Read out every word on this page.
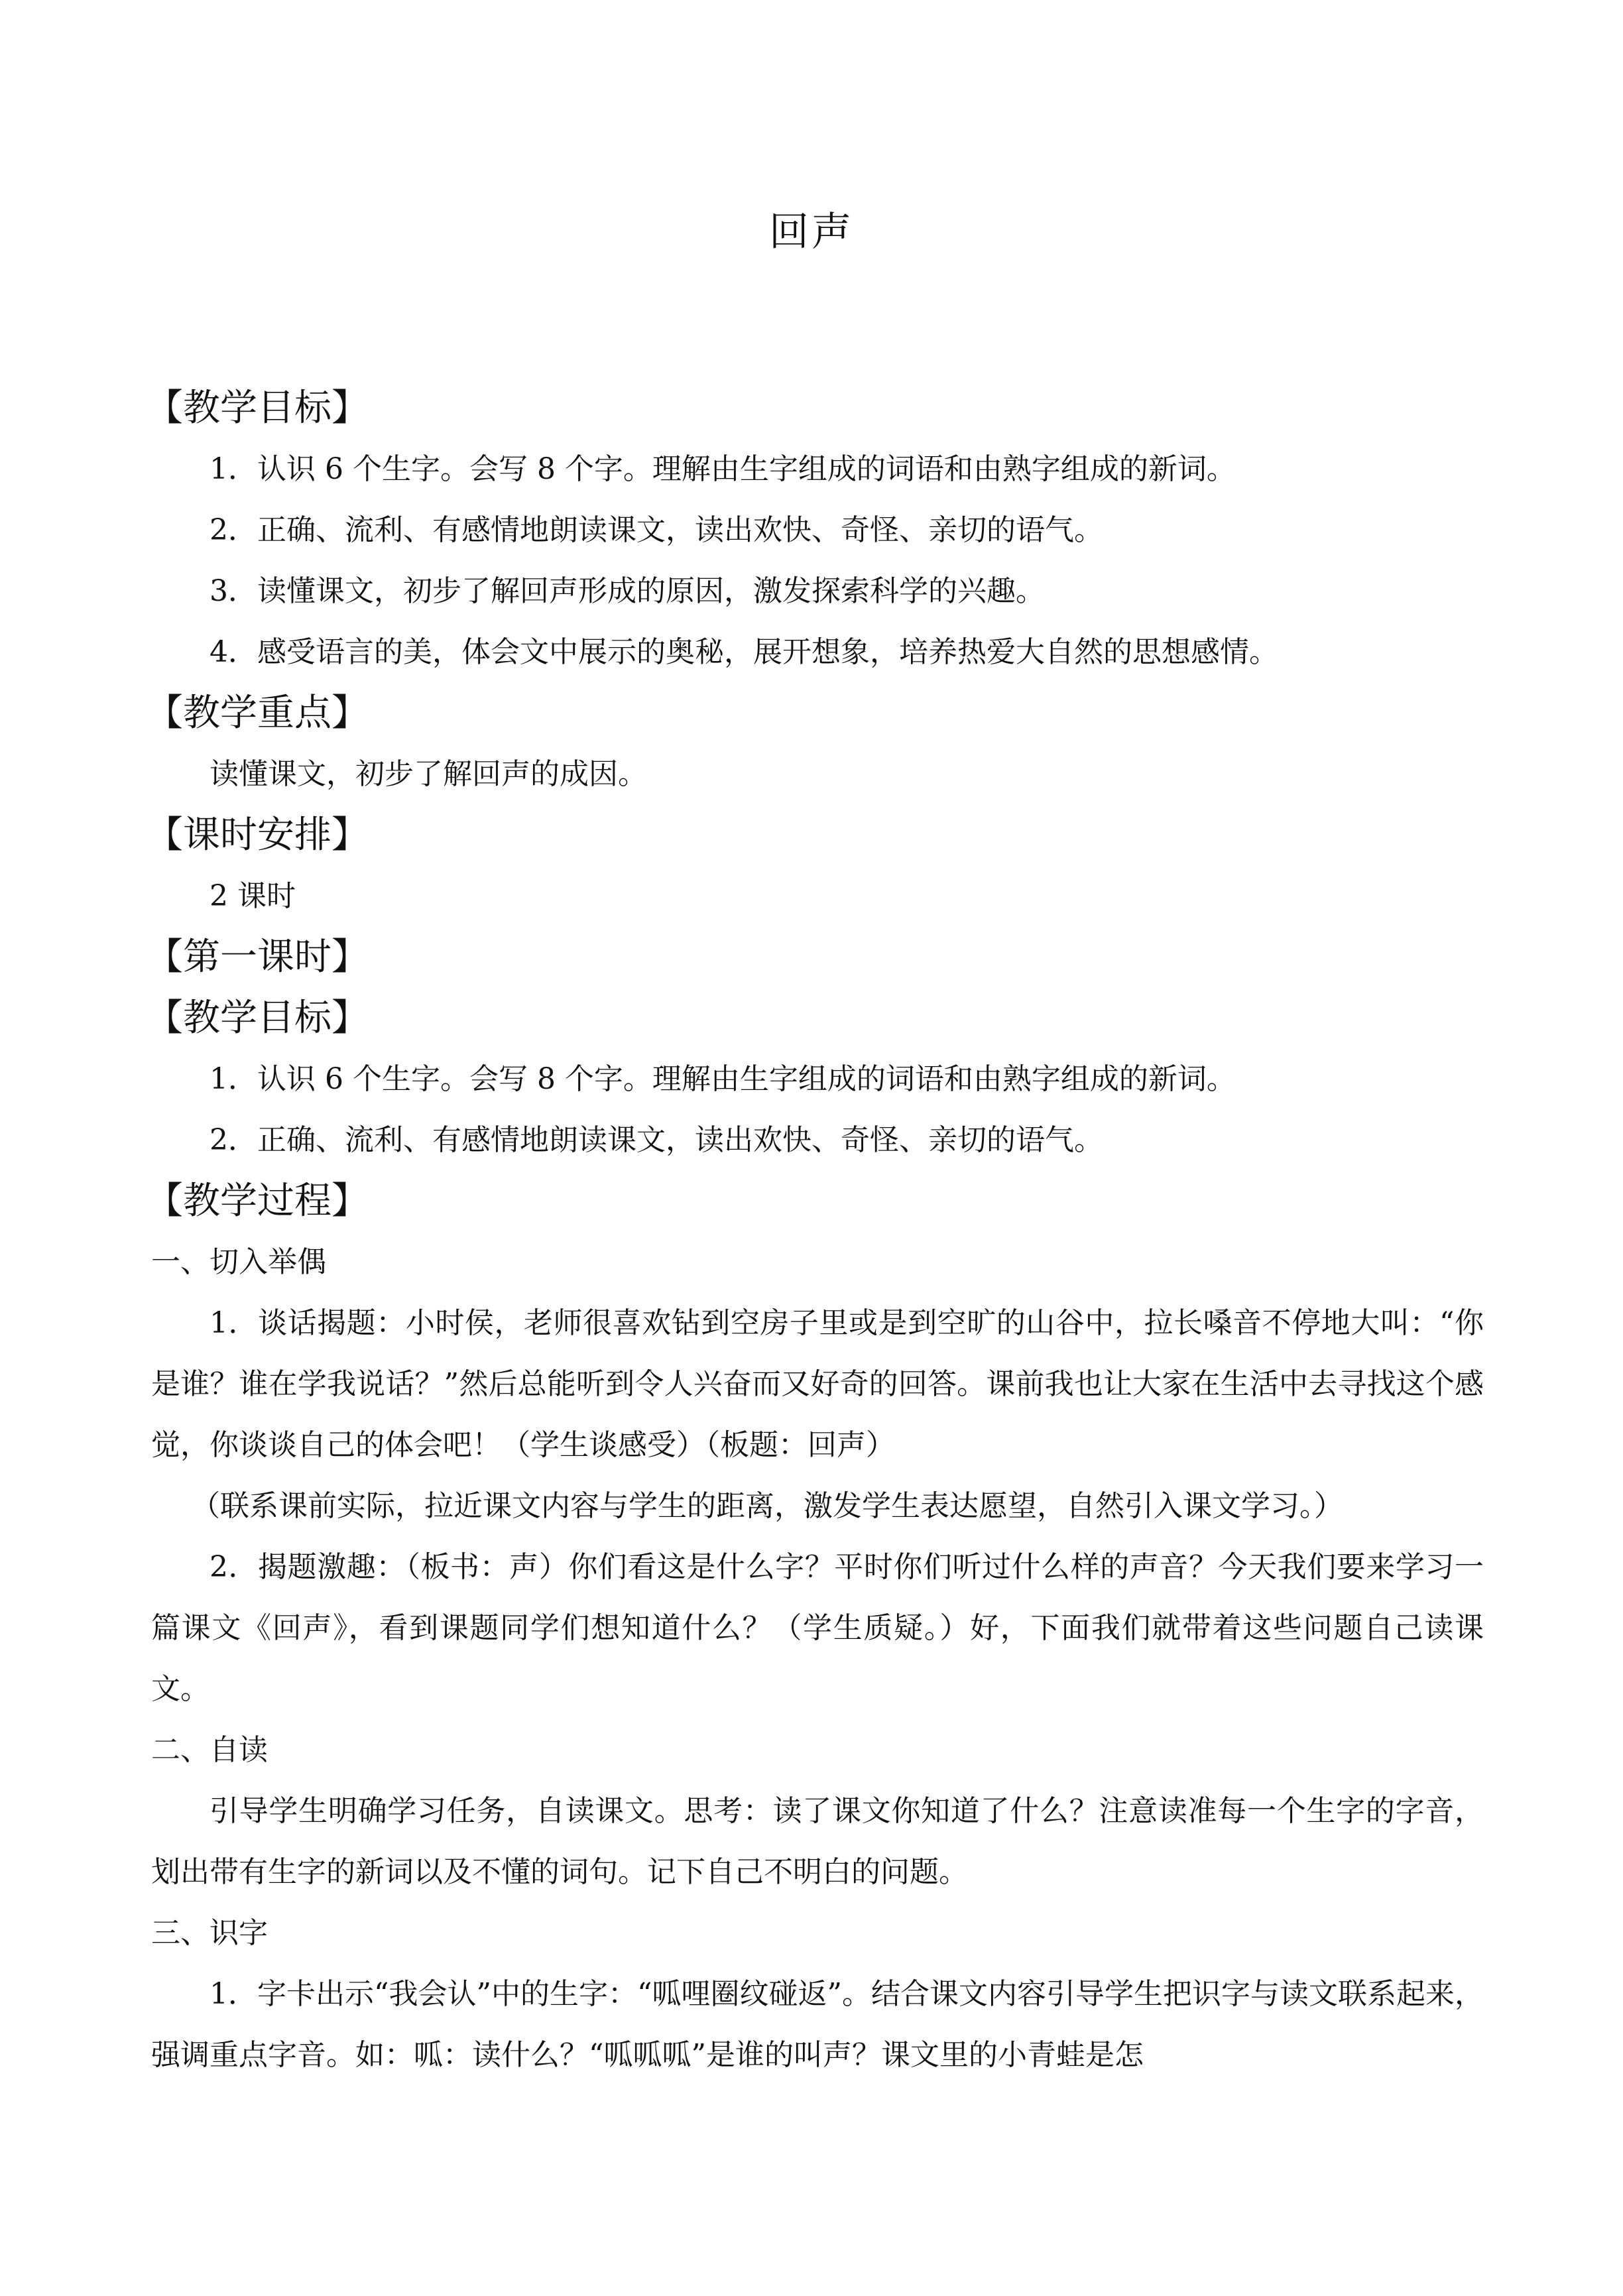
回声
【教学目标】
1．认识 6 个生字。会写 8 个字。理解由生字组成的词语和由熟字组成的新词。
2．正确、流利、有感情地朗读课文，读出欢快、奇怪、亲切的语气。
3．读懂课文，初步了解回声形成的原因，激发探索科学的兴趣。
4．感受语言的美，体会文中展示的奥秘，展开想象，培养热爱大自然的思想感情。
【教学重点】
读懂课文，初步了解回声的成因。
【课时安排】
2 课时
【第一课时】
【教学目标】
1．认识 6 个生字。会写 8 个字。理解由生字组成的词语和由熟字组成的新词。
2．正确、流利、有感情地朗读课文，读出欢快、奇怪、亲切的语气。
【教学过程】
一、切入举偶
1．谈话揭题：小时侯，老师很喜欢钻到空房子里或是到空旷的山谷中，拉长嗓音不停地大叫：“你是谁？谁在学我说话？”然后总能听到令人兴奋而又好奇的回答。课前我也让大家在生活中去寻找这个感觉，你谈谈自己的体会吧！（学生谈感受）（板题：回声）
（联系课前实际，拉近课文内容与学生的距离，激发学生表达愿望，自然引入课文学习。）
2．揭题激趣：（板书：声）你们看这是什么字？平时你们听过什么样的声音？今天我们要来学习一篇课文《回声》，看到课题同学们想知道什么？（学生质疑。）好，下面我们就带着这些问题自己读课文。
二、自读
引导学生明确学习任务，自读课文。思考：读了课文你知道了什么？注意读准每一个生字的字音，划出带有生字的新词以及不懂的词句。记下自己不明白的问题。
三、识字
1．字卡出示“我会认”中的生字：“呱哩圈纹碰返”。结合课文内容引导学生把识字与读文联系起来，强调重点字音。如：呱：读什么？“呱呱呱”是谁的叫声？课文里的小青蛙是怎
